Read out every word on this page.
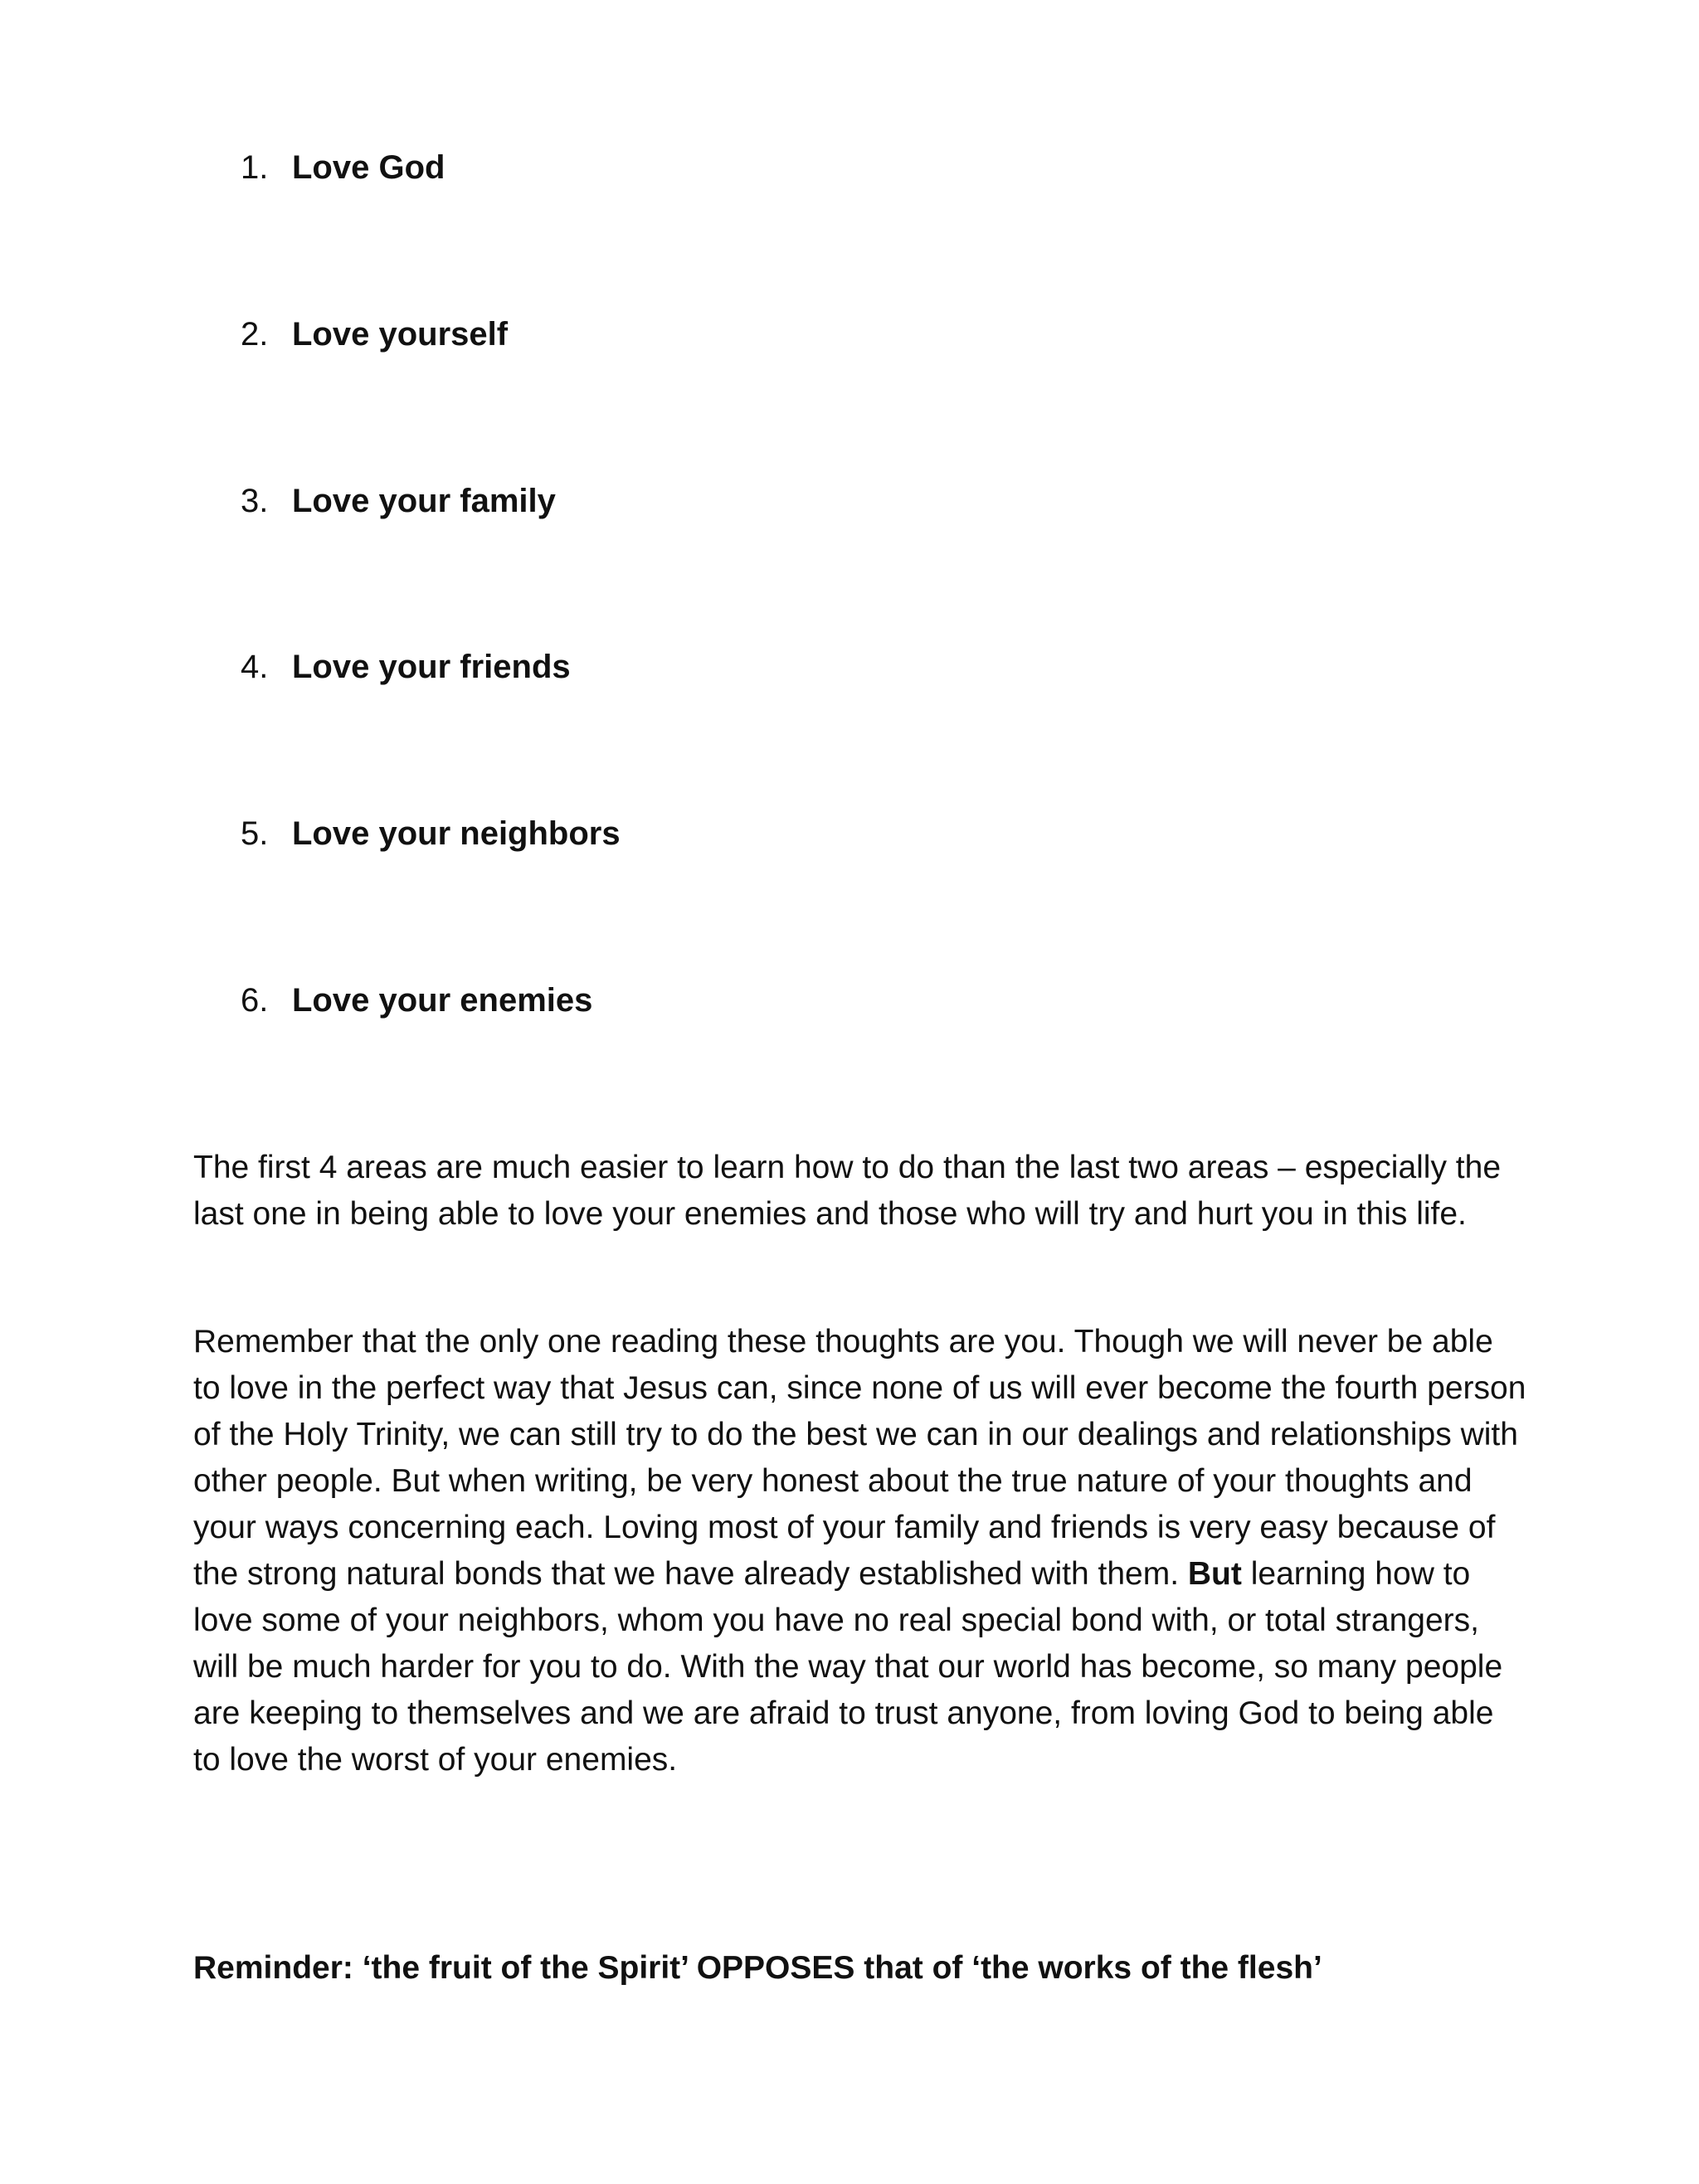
1. Love God
2. Love yourself
3. Love your family
4. Love your friends
5. Love your neighbors
6. Love your enemies

The first 4 areas are much easier to learn how to do than the last two areas – especially the last one in being able to love your enemies and those who will try and hurt you in this life.

Remember that the only one reading these thoughts are you. Though we will never be able to love in the perfect way that Jesus can, since none of us will ever become the fourth person of the Holy Trinity, we can still try to do the best we can in our dealings and relationships with other people. But when writing, be very honest about the true nature of your thoughts and your ways concerning each. Loving most of your family and friends is very easy because of the strong natural bonds that we have already established with them. But learning how to love some of your neighbors, whom you have no real special bond with, or total strangers, will be much harder for you to do. With the way that our world has become, so many people are keeping to themselves and we are afraid to trust anyone, from loving God to being able to love the worst of your enemies.

Reminder: ‘the fruit of the Spirit’ OPPOSES that of ‘the works of the flesh’
